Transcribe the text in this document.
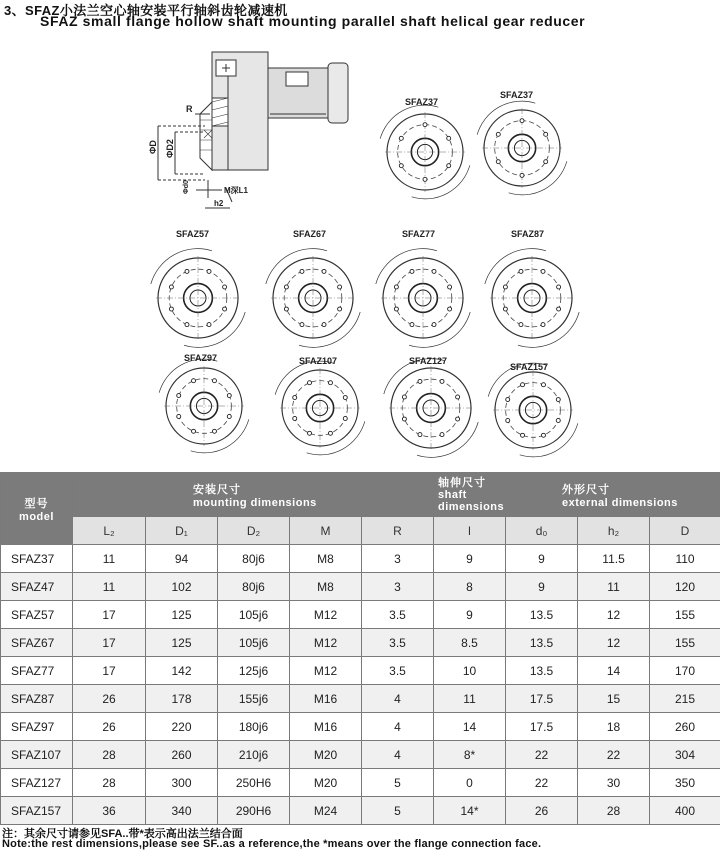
3、SFAZ小法兰空心轴安装平行轴斜齿轮减速机
SFAZ small flange hollow shaft mounting parallel shaft helical gear reducer
R
ΦD ΦD2
Φd0	M深L1
h2
SFAZ37
SFAZ37
SFAZ57	SFAZ67	SFAZ77	SFAZ87
SFAZ97	SFAZ107	SFAZ127
SFAZ157
型号
model	安装尺寸
mounting dimensions					轴伸尺寸
shaft
dimensions	外形尺寸
external dimensions		

	L₂	D₁	D₂	M	R	l	d₀	h₂	D
SFAZ37	11	94	80j6	M8	3	9	9	11.5	110
SFAZ47	11	102	80j6	M8	3	8	9	11	120
SFAZ57	17	125	105j6	M12	3.5	9	13.5	12	155
SFAZ67	17	125	105j6	M12	3.5	8.5	13.5	12	155
SFAZ77	17	142	125j6	M12	3.5	10	13.5	14	170
SFAZ87	26	178	155j6	M16	4	11	17.5	15	215
SFAZ97	26	220	180j6	M16	4	14	17.5	18	260
SFAZ107	28	260	210j6	M20	4	8*	22	22	304
SFAZ127	28	300	250H6	M20	5	0	22	30	350
SFAZ157	36	340	290H6	M24	5	14*	26	28	400
注：其余尺寸请参见SFA..带*表示高出法兰结合面
Note:the rest dimensions,please see SF..as a reference,the *means over the flange connection face.
